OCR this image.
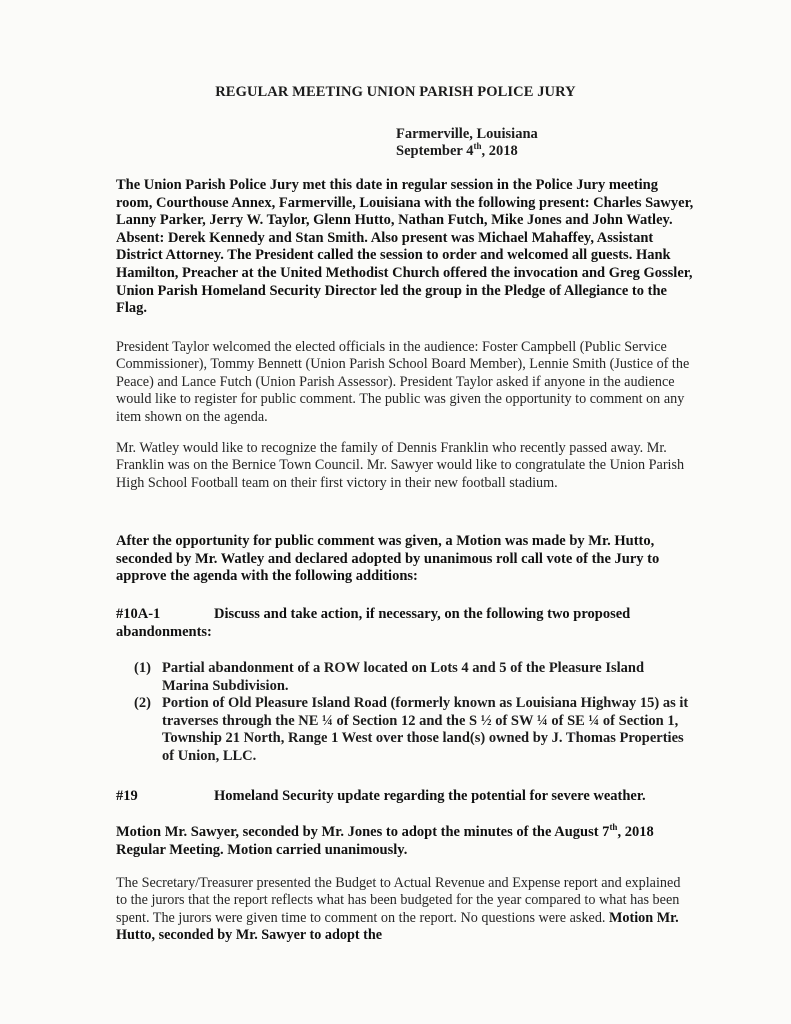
REGULAR MEETING UNION PARISH POLICE JURY
Farmerville, Louisiana
September 4th, 2018

The Union Parish Police Jury met this date in regular session in the Police Jury meeting room, Courthouse Annex, Farmerville, Louisiana with the following present: Charles Sawyer, Lanny Parker, Jerry W. Taylor, Glenn Hutto, Nathan Futch, Mike Jones and John Watley. Absent: Derek Kennedy and Stan Smith. Also present was Michael Mahaffey, Assistant District Attorney. The President called the session to order and welcomed all guests. Hank Hamilton, Preacher at the United Methodist Church offered the invocation and Greg Gossler, Union Parish Homeland Security Director led the group in the Pledge of Allegiance to the Flag.

President Taylor welcomed the elected officials in the audience: Foster Campbell (Public Service Commissioner), Tommy Bennett (Union Parish School Board Member), Lennie Smith (Justice of the Peace) and Lance Futch (Union Parish Assessor). President Taylor asked if anyone in the audience would like to register for public comment. The public was given the opportunity to comment on any item shown on the agenda.

Mr. Watley would like to recognize the family of Dennis Franklin who recently passed away. Mr. Franklin was on the Bernice Town Council. Mr. Sawyer would like to congratulate the Union Parish High School Football team on their first victory in their new football stadium.

After the opportunity for public comment was given, a Motion was made by Mr. Hutto, seconded by Mr. Watley and declared adopted by unanimous roll call vote of the Jury to approve the agenda with the following additions:

#10A-1	Discuss and take action, if necessary, on the following two proposed abandonments:
(1) Partial abandonment of a ROW located on Lots 4 and 5 of the Pleasure Island Marina Subdivision.
(2) Portion of Old Pleasure Island Road (formerly known as Louisiana Highway 15) as it traverses through the NE ¼ of Section 12 and the S ½ of SW ¼ of SE ¼ of Section 1, Township 21 North, Range 1 West over those land(s) owned by J. Thomas Properties of Union, LLC.
#19	Homeland Security update regarding the potential for severe weather.

Motion Mr. Sawyer, seconded by Mr. Jones to adopt the minutes of the August 7th, 2018 Regular Meeting. Motion carried unanimously.

The Secretary/Treasurer presented the Budget to Actual Revenue and Expense report and explained to the jurors that the report reflects what has been budgeted for the year compared to what has been spent. The jurors were given time to comment on the report. No questions were asked. Motion Mr. Hutto, seconded by Mr. Sawyer to adopt the
